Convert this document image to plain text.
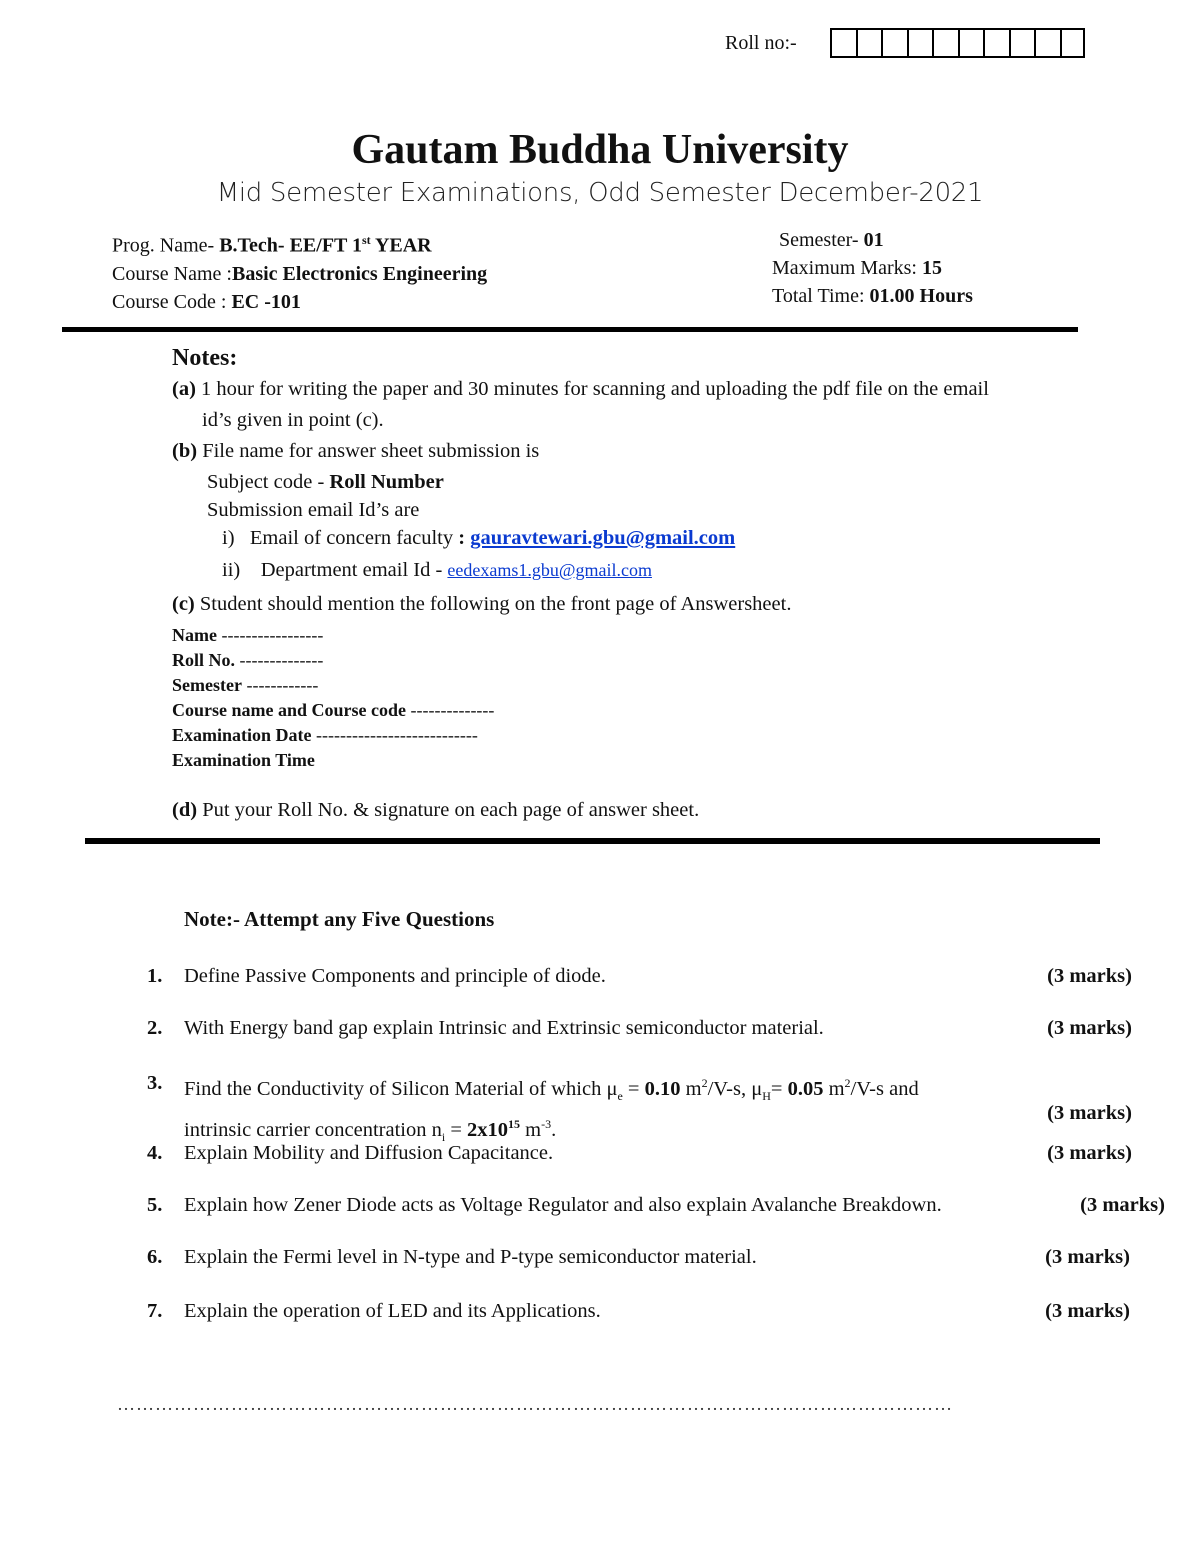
Roll no:-
Gautam Buddha University
Mid Semester Examinations, Odd Semester December-2021
Prog. Name- B.Tech- EE/FT 1st YEAR
Course Name :Basic Electronics Engineering
Course Code : EC -101
Semester- 01
Maximum Marks: 15
Total Time: 01.00 Hours
Notes:
(a) 1 hour for writing the paper and 30 minutes for scanning and uploading the pdf file on the email
id’s given in point (c).
(b) File name for answer sheet submission is
Subject code - Roll Number
Submission email Id’s are
i) Email of concern faculty : gauravtewari.gbu@gmail.com
ii) Department email Id - eedexams1.gbu@gmail.com
(c) Student should mention the following on the front page of Answersheet.
Name -----------------
Roll No. --------------
Semester ------------
Course name and Course code --------------
Examination Date ---------------------------
Examination Time
(d) Put your Roll No. & signature on each page of answer sheet.
Note:- Attempt any Five Questions
1. Define Passive Components and principle of diode.	(3 marks)
2. With Energy band gap explain Intrinsic and Extrinsic semiconductor material.	(3 marks)
3. Find the Conductivity of Silicon Material of which $\mu_e = 0.10$ $m^2/V-s$, $\mu_H= 0.05$ $m^2/V-s$ and
intrinsic carrier concentration $n_i = 2x10^{15}$ $m^{-3}$.
(3 marks)
4. Explain Mobility and Diffusion Capacitance.	(3 marks)
5. Explain how Zener Diode acts as Voltage Regulator and also explain Avalanche Breakdown.	(3 marks)
6. Explain the Fermi level in N-type and P-type semiconductor material.	(3 marks)
7. Explain the operation of LED and its Applications.	(3 marks)
……………………………………………………………………………………………………………………
